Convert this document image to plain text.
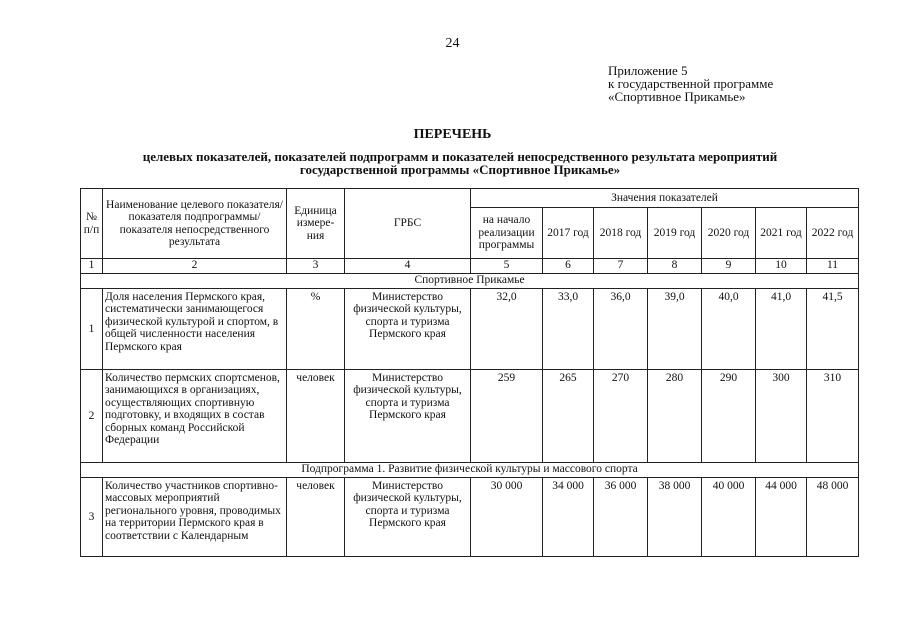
24
Приложение 5
к государственной программе
«Спортивное Прикамье»
ПЕРЕЧЕНЬ
целевых показателей, показателей подпрограмм и показателей непосредственного результата мероприятий
государственной программы «Спортивное Прикамье»
№ п/п	Наименование целевого показателя/показателя подпрограммы/показателя непосредственного результата	Единица измере-ния	ГРБС	Значения показателей						
				на начало реализации программы	2017 год	2018 год	2019 год	2020 год	2021 год	2022 год
1	2	3	4	5	6	7	8	9	10	11
Спортивное Прикамье										
1	Доля населения Пермского края, систематически занимающегося физической культурой и спортом, в общей численности населения Пермского края	%	Министерство физической культуры, спорта и туризма Пермского края	32,0	33,0	36,0	39,0	40,0	41,0	41,5
2	Количество пермских спортсменов, занимающихся в организациях, осуществляющих спортивную подготовку, и входящих в состав сборных команд Российской Федерации	человек	Министерство физической культуры, спорта и туризма Пермского края	259	265	270	280	290	300	310
Подпрограмма 1. Развитие физической культуры и массового спорта										
3	Количество участников спортивно-массовых мероприятий регионального уровня, проводимых на территории Пермского края в соответствии с Календарным	человек	Министерство физической культуры, спорта и туризма Пермского края	30 000	34 000	36 000	38 000	40 000	44 000	48 000
